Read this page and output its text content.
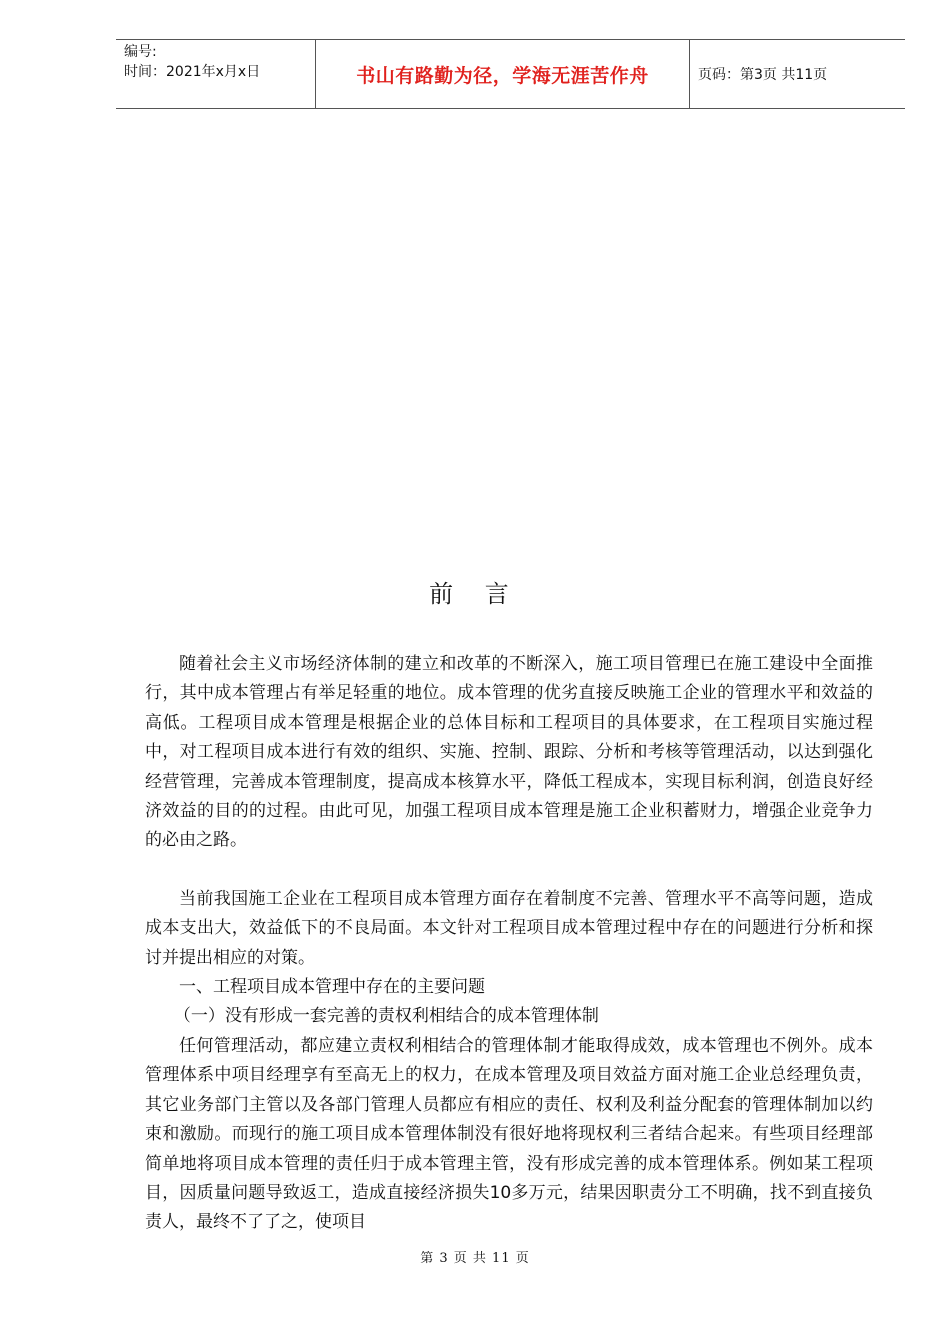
编号:
时间：2021年x月x日	书山有路勤为径，学海无涯苦作舟	页码：第3页 共11页
前 言

随着社会主义市场经济体制的建立和改革的不断深入，施工项目管理已在施工建设中全面推行，其中成本管理占有举足轻重的地位。成本管理的优劣直接反映施工企业的管理水平和效益的高低。工程项目成本管理是根据企业的总体目标和工程项目的具体要求，在工程项目实施过程中，对工程项目成本进行有效的组织、实施、控制、跟踪、分析和考核等管理活动，以达到强化经营管理，完善成本管理制度，提高成本核算水平，降低工程成本，实现目标利润，创造良好经济效益的目的的过程。由此可见，加强工程项目成本管理是施工企业积蓄财力，增强企业竞争力的必由之路。

当前我国施工企业在工程项目成本管理方面存在着制度不完善、管理水平不高等问题，造成成本支出大，效益低下的不良局面。本文针对工程项目成本管理过程中存在的问题进行分析和探讨并提出相应的对策。

一、工程项目成本管理中存在的主要问题

（一）没有形成一套完善的责权利相结合的成本管理体制

任何管理活动，都应建立责权利相结合的管理体制才能取得成效，成本管理也不例外。成本管理体系中项目经理享有至高无上的权力，在成本管理及项目效益方面对施工企业总经理负责，其它业务部门主管以及各部门管理人员都应有相应的责任、权利及利益分配套的管理体制加以约束和激励。而现行的施工项目成本管理体制没有很好地将现权利三者结合起来。有些项目经理部简单地将项目成本管理的责任归于成本管理主管，没有形成完善的成本管理体系。例如某工程项目，因质量问题导致返工，造成直接经济损失10多万元，结果因职责分工不明确，找不到直接负责人，最终不了了之，使项目

第 3 页 共 11 页
